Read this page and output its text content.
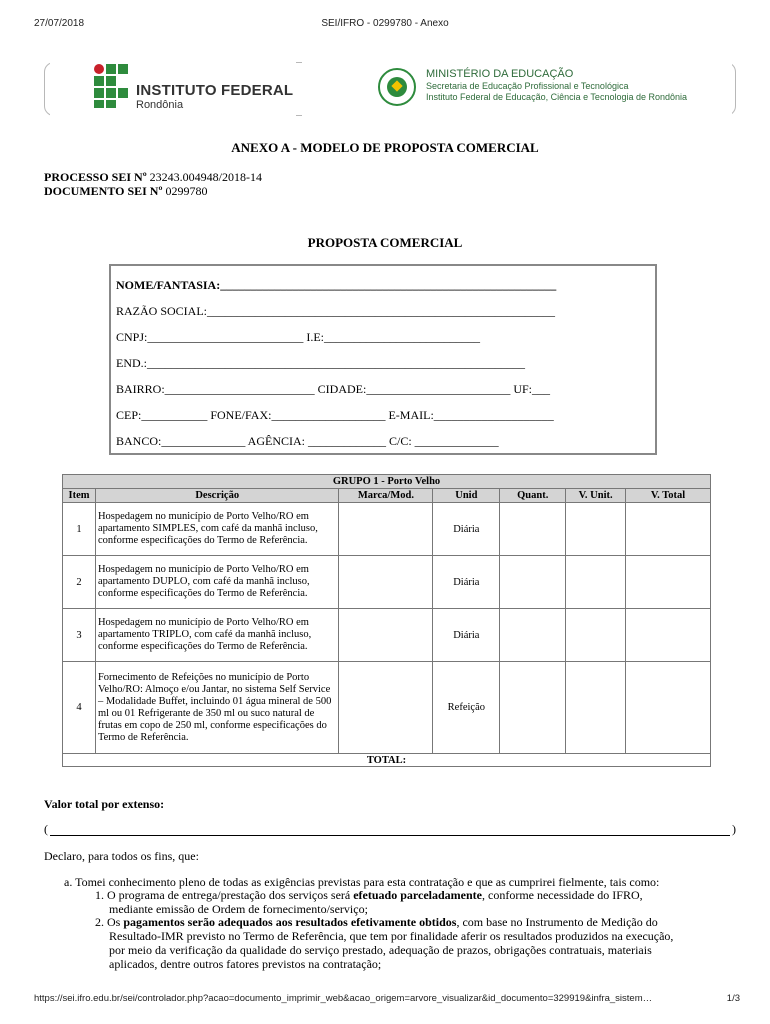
27/07/2018	SEI/IFRO - 0299780 - Anexo
INSTITUTO FEDERAL
Rondônia
MINISTÉRIO DA EDUCAÇÃO
Secretaria de Educação Profissional e Tecnológica
Instituto Federal de Educação, Ciência e Tecnologia de Rondônia
ANEXO A - MODELO DE PROPOSTA COMERCIAL
PROCESSO SEI Nº 23243.004948/2018-14
DOCUMENTO SEI Nº 0299780
PROPOSTA COMERCIAL
NOME/FANTASIA:________________________________________________________
RAZÃO SOCIAL:__________________________________________________________
CNPJ:__________________________ I.E:__________________________
END.:_______________________________________________________________
BAIRRO:_________________________ CIDADE:________________________ UF:___
CEP:___________ FONE/FAX:___________________ E-MAIL:____________________
BANCO:______________ AGÊNCIA: _____________ C/C: ______________
GRUPO 1 - Porto Velho						
Item	Descrição	Marca/Mod.	Unid	Quant.	V. Unit.	V. Total
1	Hospedagem no município de Porto Velho/RO em apartamento SIMPLES, com café da manhã incluso, conforme especificações do Termo de Referência.		Diária			
2	Hospedagem no município de Porto Velho/RO em apartamento DUPLO, com café da manhã incluso, conforme especificações do Termo de Referência.		Diária			
3	Hospedagem no município de Porto Velho/RO em apartamento TRIPLO, com café da manhã incluso, conforme especificações do Termo de Referência.		Diária			
4	Fornecimento de Refeições no município de Porto Velho/RO: Almoço e/ou Jantar, no sistema Self Service – Modalidade Buffet, incluindo 01 água mineral de 500 ml ou 01 Refrigerante de 350 ml ou suco natural de frutas em copo de 250 ml, conforme especificações do Termo de Referência.		Refeição			
TOTAL:						
Valor total por extenso:
(	)
Declaro, para todos os fins, que:
a. Tomei conhecimento pleno de todas as exigências previstas para esta contratação e que as cumprirei fielmente, tais como:
1. O programa de entrega/prestação dos serviços será efetuado parceladamente, conforme necessidade do IFRO,
mediante emissão de Ordem de fornecimento/serviço;
2. Os pagamentos serão adequados aos resultados efetivamente obtidos, com base no Instrumento de Medição do
Resultado-IMR previsto no Termo de Referência, que tem por finalidade aferir os resultados produzidos na execução,
por meio da verificação da qualidade do serviço prestado, adequação de prazos, obrigações contratuais, materiais
aplicados, dentre outros fatores previstos na contratação;
https://sei.ifro.edu.br/sei/controlador.php?acao=documento_imprimir_web&acao_origem=arvore_visualizar&id_documento=329919&infra_sistem…	1/3
